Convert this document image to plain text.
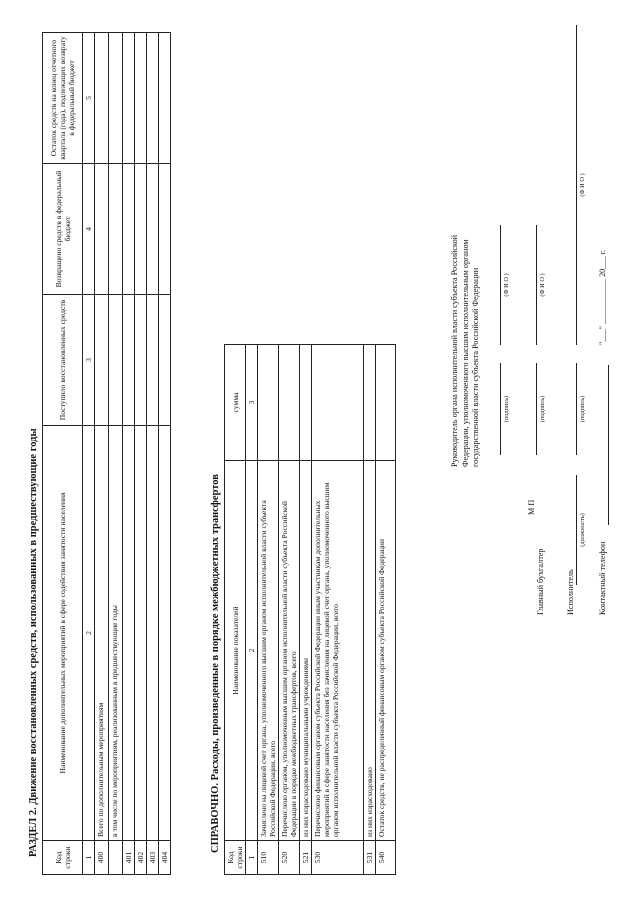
РАЗДЕЛ 2. Движение восстановленных средств, использованных в предшествующие годы
Код строки	Наименование дополнительных мероприятий в сфере содействия занятости населения	Поступило восстановленных средств	Возвращено средств в федеральный бюджет	Остаток средств на конец отчетного квартала (года), подлежащих возврату в федеральный бюджет
1	2	3	4	5
400	Всего по дополнительным мероприятиям			
	в том числе по мероприятиям, реализованным в предшествующие годы			
401				
402				
403				
404				
СПРАВОЧНО. Расходы, произведенные в порядке межбюджетных трансфертов
Код строки	Наименование показателей	сумма
1	2	3
510	Зачислено на лицевой счет органа, уполномоченного высшим органом исполнительной власти субъекта Российской Федерации, всего	
520	Перечислено органом, уполномоченным высшим органом исполнительной власти субъекта Российской Федерации в порядке межбюджетных трансфертов, всего	
521	из них израсходовано муниципальными учреждениями	
530	Перечислено финансовым органом субъекта Российской Федерации иным участникам дополнительных мероприятий в сфере занятости населения без зачисления на лицевой счет органа, уполномоченного высшим органом исполнительной власти субъекта Российской Федерации, всего	
531	из них израсходовано	
540	Остаток средств, не распределенный финансовым органом субъекта Российской Федерации	
Руководитель органа исполнительной власти субъекта Российской Федерации, уполномоченного высшим исполнительным органом государственной власти субъекта Российской Федерации
М П
(подпись)
(Ф И О )
Главный бухгалтер
(подпись)
(Ф И О )
Исполнитель
(должность)
(подпись)
(Ф И О )
Контактный телефон
"___" ___________ 20___ г.
